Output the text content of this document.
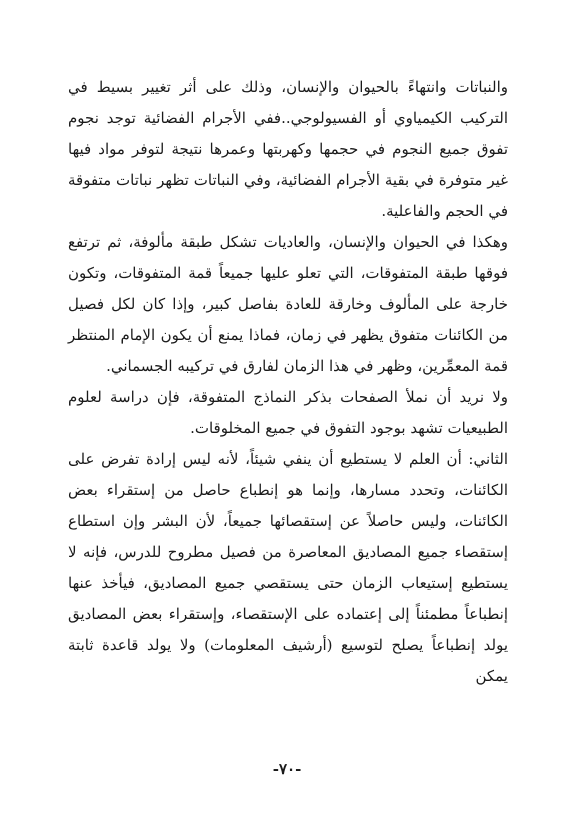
والنباتات وانتهاءً بالحيوان والإنسان، وذلك على أثر تغيير بسيط في التركيب الكيمياوي أو الفسيولوجي..ففي الأجرام الفضائية توجد نجوم تفوق جميع النجوم في حجمها وكهربتها وعمرها نتيجة لتوفر مواد فيها غير متوفرة في بقية الأجرام الفضائية، وفي النباتات تظهر نباتات متفوقة في الحجم والفاعلية.

وهكذا في الحيوان والإنسان، والعاديات تشكل طبقة مألوفة، ثم ترتفع فوقها طبقة المتفوقات، التي تعلو عليها جميعاً قمة المتفوقات، وتكون خارجة على المألوف وخارقة للعادة بفاصل كبير، وإذا كان لكل فصيل من الكائنات متفوق يظهر في زمان، فماذا يمنع أن يكون الإمام المنتظر قمة المعمِّرين، وظهر في هذا الزمان لفارق في تركيبه الجسماني.

ولا نريد أن نملأ الصفحات بذكر النماذج المتفوقة، فإن دراسة لعلوم الطبيعيات تشهد بوجود التفوق في جميع المخلوقات.

الثاني: أن العلم لا يستطيع أن ينفي شيئاً، لأنه ليس إرادة تفرض على الكائنات، وتحدد مسارها، وإنما هو إنطباع حاصل من إستقراء بعض الكائنات، وليس حاصلاً عن إستقصائها جميعاً، لأن البشر وإن استطاع إستقصاء جميع المصاديق المعاصرة من فصيل مطروح للدرس، فإنه لا يستطيع إستيعاب الزمان حتى يستقصي جميع المصاديق، فيأخذ عنها إنطباعاً مطمئناً إلى إعتماده على الإستقصاء، وإستقراء بعض المصاديق يولد إنطباعاً يصلح لتوسيع (أرشيف المعلومات) ولا يولد قاعدة ثابتة يمكن

-٧٠-
